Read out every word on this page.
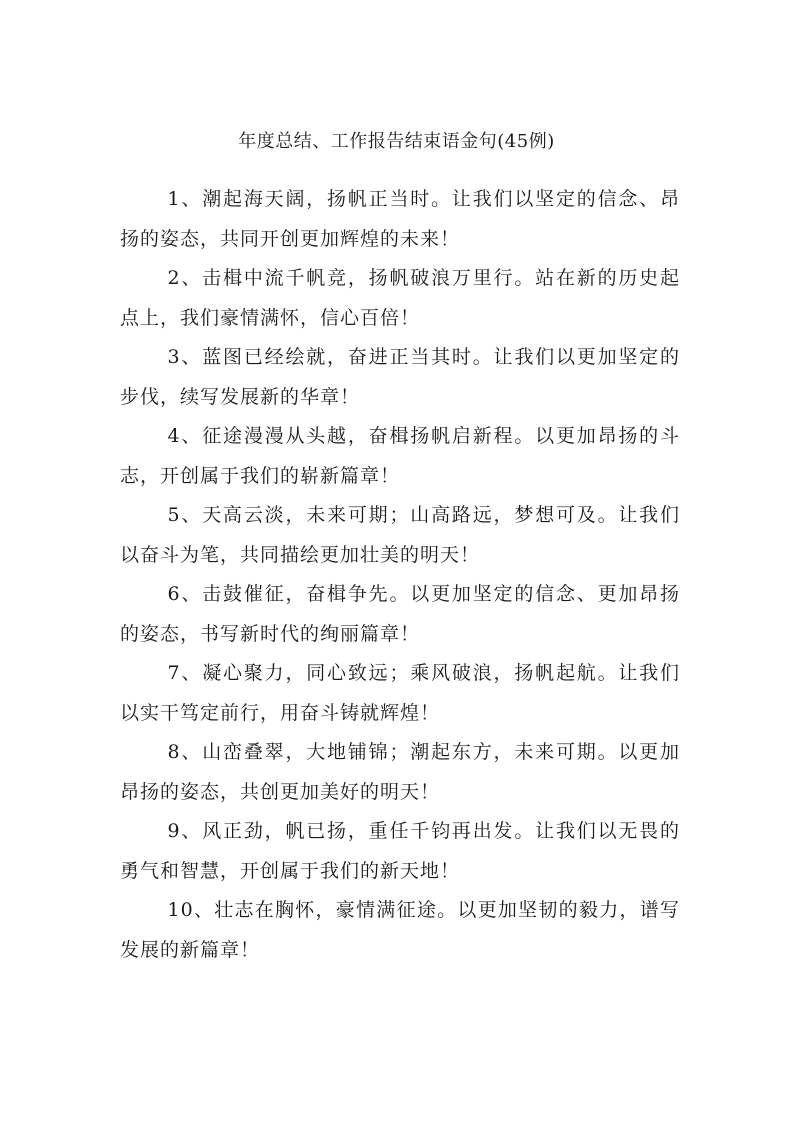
年度总结、工作报告结束语金句(45例)

1、潮起海天阔，扬帆正当时。让我们以坚定的信念、昂扬的姿态，共同开创更加辉煌的未来！

2、击楫中流千帆竞，扬帆破浪万里行。站在新的历史起点上，我们豪情满怀，信心百倍！

3、蓝图已经绘就，奋进正当其时。让我们以更加坚定的步伐，续写发展新的华章！

4、征途漫漫从头越，奋楫扬帆启新程。以更加昂扬的斗志，开创属于我们的崭新篇章！

5、天高云淡，未来可期；山高路远，梦想可及。让我们以奋斗为笔，共同描绘更加壮美的明天！

6、击鼓催征，奋楫争先。以更加坚定的信念、更加昂扬的姿态，书写新时代的绚丽篇章！

7、凝心聚力，同心致远；乘风破浪，扬帆起航。让我们以实干笃定前行，用奋斗铸就辉煌！

8、山峦叠翠，大地铺锦；潮起东方，未来可期。以更加昂扬的姿态，共创更加美好的明天！

9、风正劲，帆已扬，重任千钧再出发。让我们以无畏的勇气和智慧，开创属于我们的新天地！

10、壮志在胸怀，豪情满征途。以更加坚韧的毅力，谱写发展的新篇章！
